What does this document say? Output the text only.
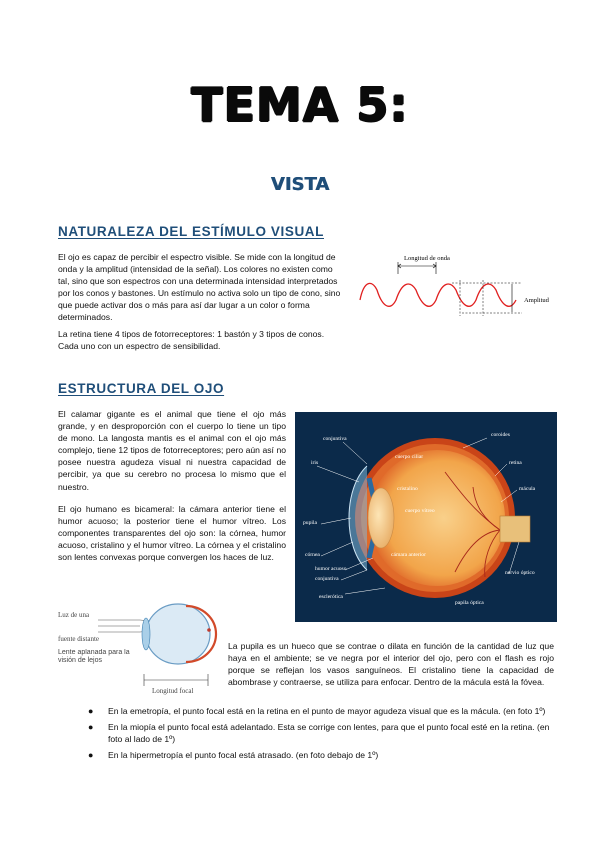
TEMA 5:
VISTA
NATURALEZA DEL ESTÍMULO VISUAL

El ojo es capaz de percibir el espectro visible. Se mide con la longitud de onda y la amplitud (intensidad de la señal). Los colores no existen como tal, sino que son espectros con una determinada intensidad interpretados por los conos y bastones. Un estímulo no activa solo un tipo de cono, sino que puede activar dos o más para así dar lugar a un color o forma determinados.

La retina tiene 4 tipos de fotorreceptores: 1 bastón y 3 tipos de conos. Cada uno con un espectro de sensibilidad.

Longitud de onda
Amplitud
ESTRUCTURA DEL OJO

El calamar gigante es el animal que tiene el ojo más grande, y en desproporción con el cuerpo lo tiene un tipo de mono. La langosta mantis es el animal con el ojo más complejo, tiene 12 tipos de fotorreceptores; pero aún así no posee nuestra agudeza visual ni nuestra capacidad de percibir, ya que su cerebro no procesa lo mismo que el nuestro.

El ojo humano es bicameral: la cámara anterior tiene el humor acuoso; la posterior tiene el humor vítreo. Los componentes transparentes del ojo son: la córnea, humor acuoso, cristalino y el humor vítreo. La córnea y el cristalino son lentes convexas porque convergen los haces de luz.

conjuntiva
iris
pupila
córnea
humor acuoso
conjuntiva
esclerótica
cuerpo ciliar
cristalino
cuerpo vítreo
cámara anterior
coroides
retina
mácula
nervio óptico
papila óptica
Luz de una
fuente distante
Longitud focal
Lente aplanada para la visión de lejos

La pupila es un hueco que se contrae o dilata en función de la cantidad de luz que haya en el ambiente; se ve negra por el interior del ojo, pero con el flash es rojo porque se reflejan los vasos sanguíneos. El cristalino tiene la capacidad de abombrase y contraerse, se utiliza para enfocar. Dentro de la mácula está la fóvea.

● En la emetropía, el punto focal está en la retina en el punto de mayor agudeza visual que es la mácula. (en foto 1º)
● En la miopía el punto focal está adelantado. Esta se corrige con lentes, para que el punto focal esté en la retina. (en foto al lado de 1º)
● En la hipermetropía el punto focal está atrasado. (en foto debajo de 1º)
